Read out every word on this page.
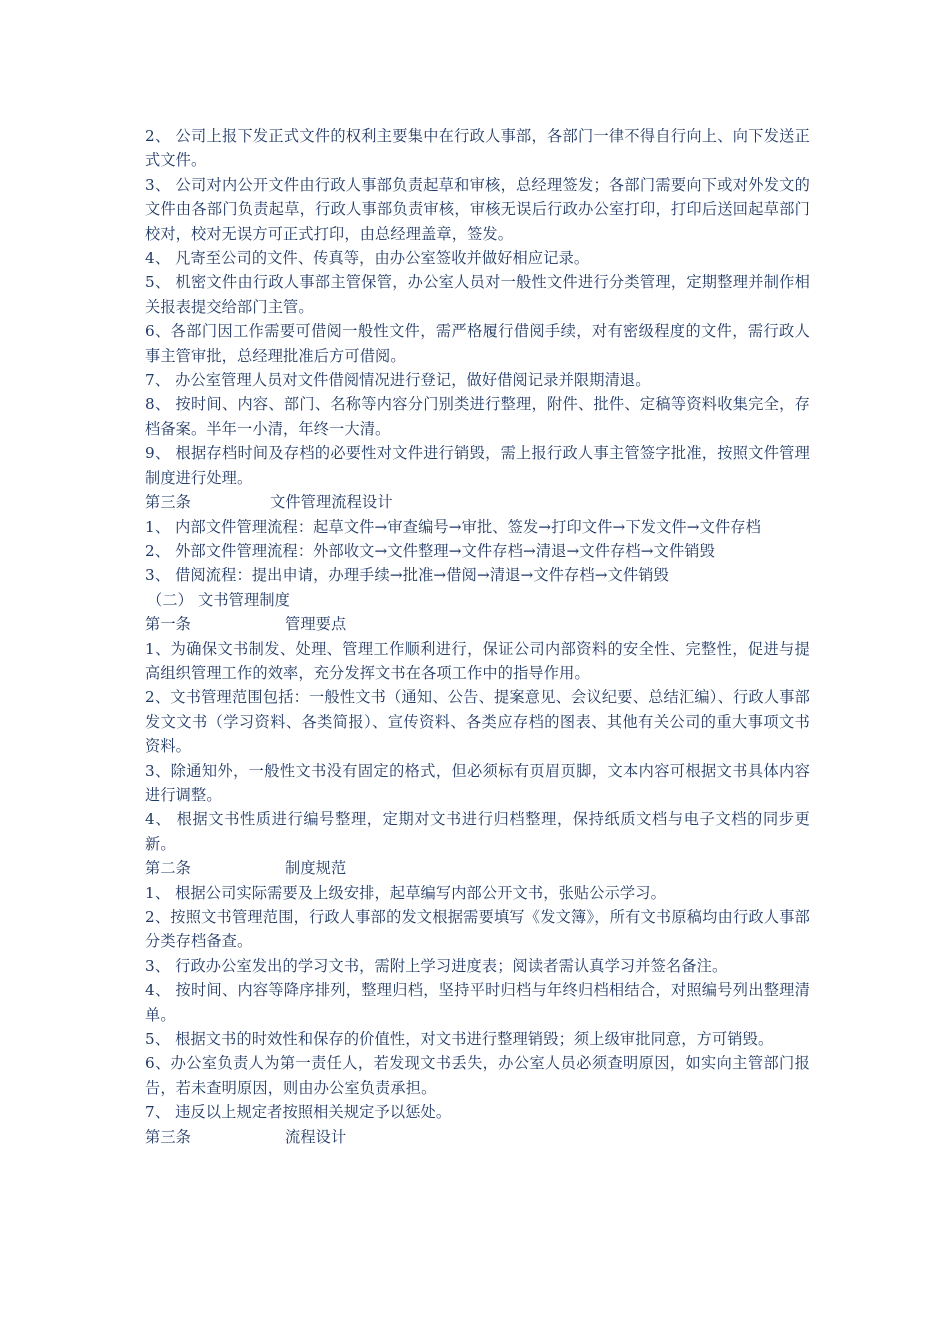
2、 公司上报下发正式文件的权利主要集中在行政人事部，各部门一律不得自行向上、向下发送正式文件。
3、 公司对内公开文件由行政人事部负责起草和审核，总经理签发；各部门需要向下或对外发文的文件由各部门负责起草，行政人事部负责审核，审核无误后行政办公室打印，打印后送回起草部门校对，校对无误方可正式打印，由总经理盖章，签发。
4、 凡寄至公司的文件、传真等，由办公室签收并做好相应记录。
5、 机密文件由行政人事部主管保管，办公室人员对一般性文件进行分类管理，定期整理并制作相关报表提交给部门主管。
6、各部门因工作需要可借阅一般性文件，需严格履行借阅手续，对有密级程度的文件，需行政人事主管审批，总经理批准后方可借阅。
7、 办公室管理人员对文件借阅情况进行登记，做好借阅记录并限期清退。
8、 按时间、内容、部门、名称等内容分门别类进行整理，附件、批件、定稿等资料收集完全，存档备案。半年一小清，年终一大清。
9、 根据存档时间及存档的必要性对文件进行销毁，需上报行政人事主管签字批准，按照文件管理制度进行处理。
第三条	文件管理流程设计
1、 内部文件管理流程：起草文件→审查编号→审批、签发→打印文件→下发文件→文件存档
2、 外部文件管理流程：外部收文→文件整理→文件存档→清退→文件存档→文件销毁
3、 借阅流程：提出申请，办理手续→批准→借阅→清退→文件存档→文件销毁
（二） 文书管理制度
第一条	管理要点
1、为确保文书制发、处理、管理工作顺利进行，保证公司内部资料的安全性、完整性，促进与提高组织管理工作的效率，充分发挥文书在各项工作中的指导作用。
2、文书管理范围包括：一般性文书（通知、公告、提案意见、会议纪要、总结汇编）、行政人事部发文文书（学习资料、各类简报）、宣传资料、各类应存档的图表、其他有关公司的重大事项文书资料。
3、除通知外，一般性文书没有固定的格式，但必须标有页眉页脚，文本内容可根据文书具体内容进行调整。
4、 根据文书性质进行编号整理，定期对文书进行归档整理，保持纸质文档与电子文档的同步更新。
第二条	制度规范
1、 根据公司实际需要及上级安排，起草编写内部公开文书，张贴公示学习。
2、按照文书管理范围，行政人事部的发文根据需要填写《发文簿》，所有文书原稿均由行政人事部分类存档备查。
3、 行政办公室发出的学习文书，需附上学习进度表；阅读者需认真学习并签名备注。
4、 按时间、内容等降序排列，整理归档，坚持平时归档与年终归档相结合，对照编号列出整理清单。
5、 根据文书的时效性和保存的价值性，对文书进行整理销毁；须上级审批同意，方可销毁。
6、办公室负责人为第一责任人，若发现文书丢失，办公室人员必须查明原因，如实向主管部门报告，若未查明原因，则由办公室负责承担。
7、 违反以上规定者按照相关规定予以惩处。
第三条	流程设计
